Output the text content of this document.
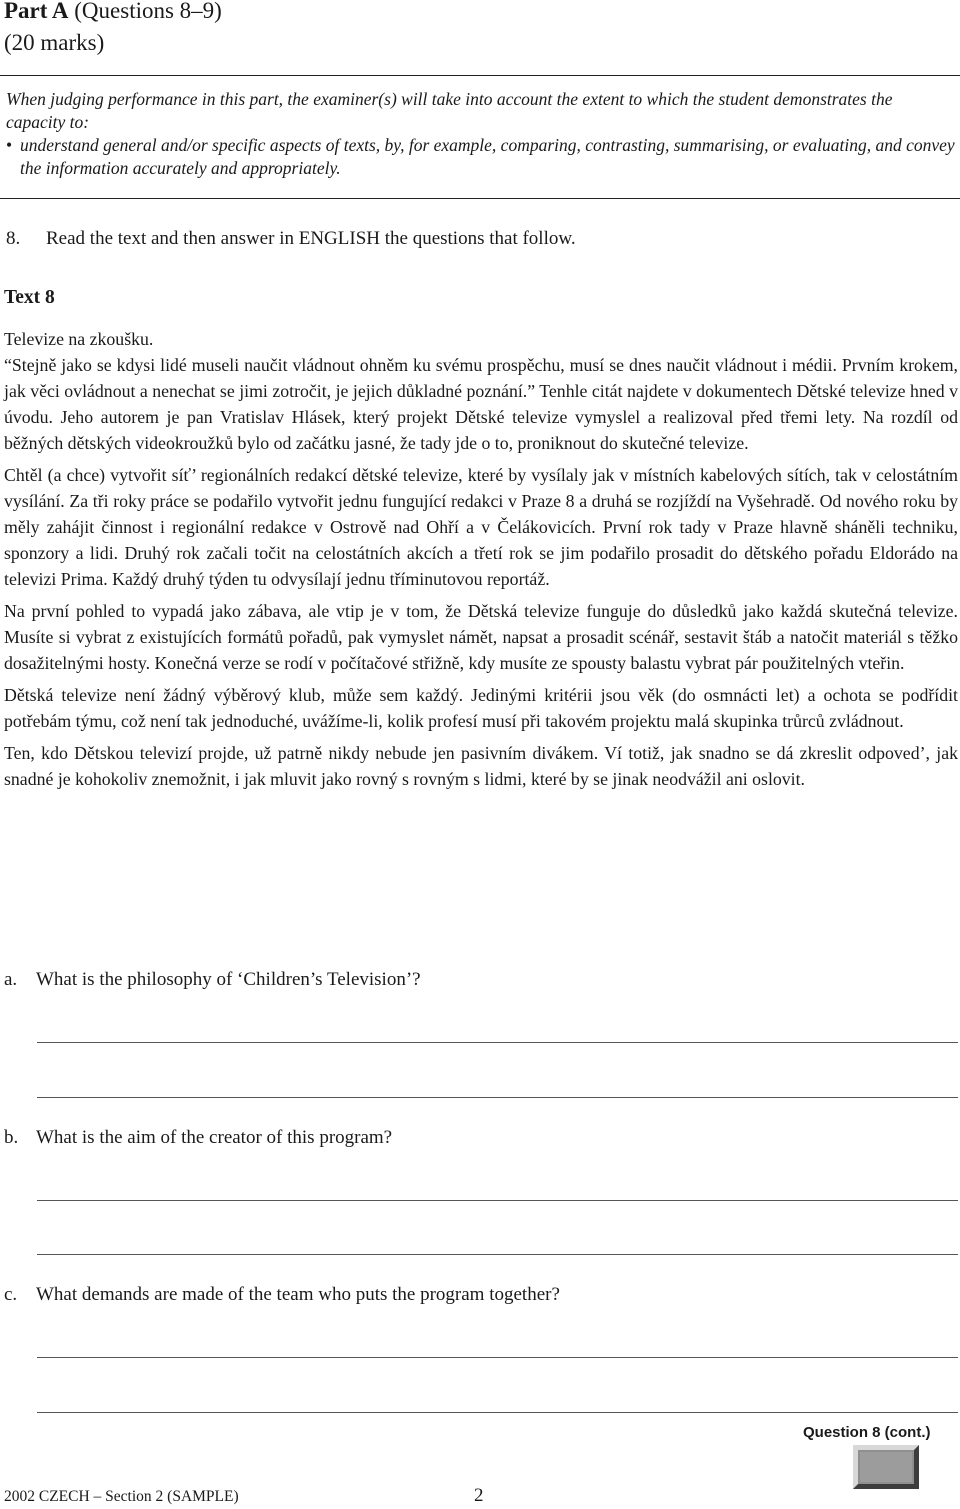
Part A (Questions 8–9)
(20 marks)
When judging performance in this part, the examiner(s) will take into account the extent to which the student demonstrates the capacity to:
• understand general and/or specific aspects of texts, by, for example, comparing, contrasting, summarising, or evaluating, and convey the information accurately and appropriately.
8. Read the text and then answer in ENGLISH the questions that follow.
Text 8

Televize na zkoušku.

“Stejně jako se kdysi lidé museli naučit vládnout ohněm ku svému prospěchu, musí se dnes naučit vládnout i médii. Prvním krokem, jak věci ovládnout a nenechat se jimi zotročit, je jejich důkladné poznání.” Tenhle citát najdete v dokumentech Dětské televize hned v úvodu. Jeho autorem je pan Vratislav Hlásek, který projekt Dětské televize vymyslel a realizoval před třemi lety. Na rozdíl od běžných dětských videokroužků bylo od začátku jasné, že tady jde o to, proniknout do skutečné televize.

Chtěl (a chce) vytvořit síť’ regionálních redakcí dětské televize, které by vysílaly jak v místních kabelových sítích, tak v celostátním vysílání. Za tři roky práce se podařilo vytvořit jednu fungující redakci v Praze 8 a druhá se rozjíždí na Vyšehradě. Od nového roku by měly zahájit činnost i regionální redakce v Ostrově nad Ohří a v Čelákovicích. První rok tady v Praze hlavně sháněli techniku, sponzory a lidi. Druhý rok začali točit na celostátních akcích a třetí rok se jim podařilo prosadit do dětského pořadu Eldorádo na televizi Prima. Každý druhý týden tu odvysílají jednu tříminutovou reportáž.

Na první pohled to vypadá jako zábava, ale vtip je v tom, že Dětská televize funguje do důsledků jako každá skutečná televize. Musíte si vybrat z existujících formátů pořadů, pak vymyslet námět, napsat a prosadit scénář, sestavit štáb a natočit materiál s těžko dosažitelnými hosty. Konečná verze se rodí v počítačové střižně, kdy musíte ze spousty balastu vybrat pár použitelných vteřin.

Dětská televize není žádný výběrový klub, může sem každý. Jedinými kritérii jsou věk (do osmnácti let) a ochota se podřídit potřebám týmu, což není tak jednoduché, uvážíme-li, kolik profesí musí při takovém projektu malá skupinka trůrců zvládnout.

Ten, kdo Dětskou televizí projde, už patrně nikdy nebude jen pasivním divákem. Ví totiž, jak snadno se dá zkreslit odpoved’, jak snadné je kohokoliv znemožnit, i jak mluvit jako rovný s rovným s lidmi, které by se jinak neodvážil ani oslovit.

a. What is the philosophy of ‘Children’s Television’?
b. What is the aim of the creator of this program?
c. What demands are made of the team who puts the program together?
Question 8 (cont.)
2002 CZECH – Section 2 (SAMPLE)	2
